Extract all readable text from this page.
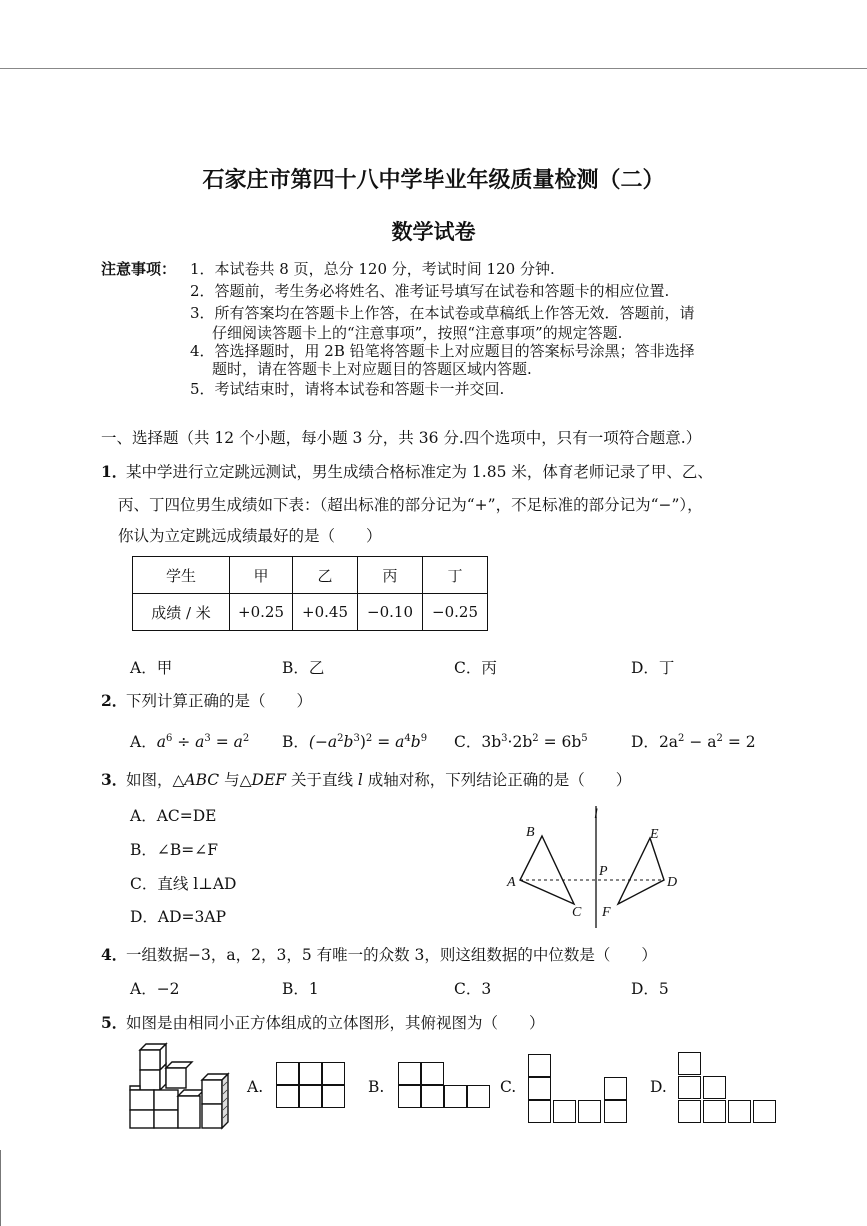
石家庄市第四十八中学毕业年级质量检测（二）
数学试卷
注意事项： 1．本试卷共 8 页，总分 120 分，考试时间 120 分钟.
2．答题前，考生务必将姓名、准考证号填写在试卷和答题卡的相应位置.
3．所有答案均在答题卡上作答，在本试卷或草稿纸上作答无效．答题前，请
仔细阅读答题卡上的“注意事项”，按照“注意事项”的规定答题.
4．答选择题时，用 2B 铅笔将答题卡上对应题目的答案标号涂黑；答非选择
题时，请在答题卡上对应题目的答题区域内答题.
5．考试结束时，请将本试卷和答题卡一并交回.
一、选择题（共 12 个小题，每小题 3 分，共 36 分.四个选项中，只有一项符合题意.）
1．
某中学进行立定跳远测试，男生成绩合格标准定为 1.85 米，体育老师记录了甲、乙、
丙、丁四位男生成绩如下表：（超出标准的部分记为“+”，不足标准的部分记为“−”），
你认为立定跳远成绩最好的是（　　）
学生	甲	乙	丙	丁
成绩 / 米	+0.25	+0.45	−0.10	−0.25
A．甲	B．乙	C．丙	D．丁
2．
下列计算正确的是（　　）
A．$a^6 \div a^3 = a^2$ B．$(-a^2b^3)^2 = a^4b^9$ C．$3b^3\cdot 2b^2 = 6b^5$	D．$2a^2 - a^2 = 2$
3．
如图，△ABC 与△DEF 关于直线 l 成轴对称，下列结论正确的是（　　）
A．AC=DE
B．∠B=∠F
C．直线 l⊥AD
D．AD=3AP
B
A
C
E
D
F
P
l
4．
一组数据−3，a，2，3，5 有唯一的众数 3，则这组数据的中位数是（　　）
A．−2	B．1	C．3	D．5
5．
如图是由相同小正方体组成的立体图形，其俯视图为（　　）
A.	B.	C.	D.
